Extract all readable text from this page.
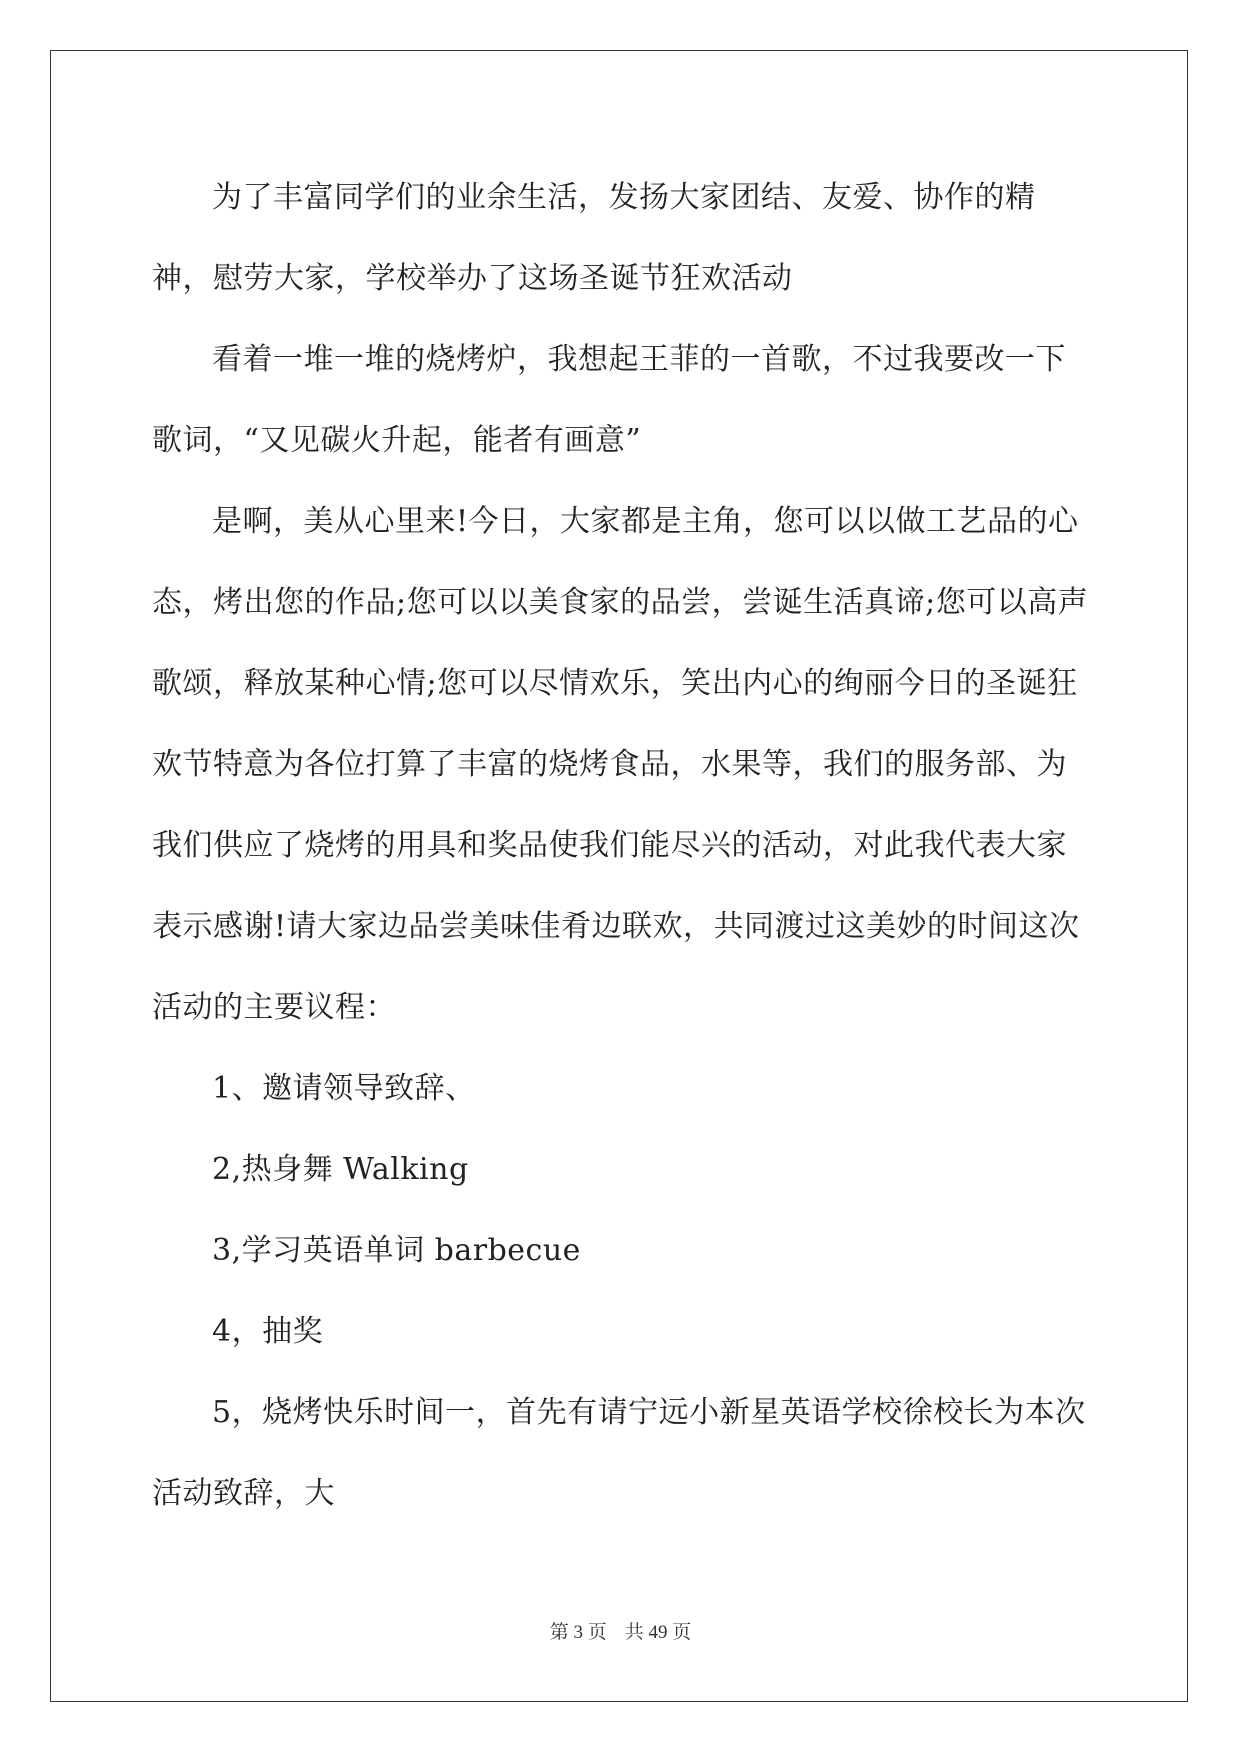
为了丰富同学们的业余生活，发扬大家团结、友爱、协作的精神，慰劳大家，学校举办了这场圣诞节狂欢活动

看着一堆一堆的烧烤炉，我想起王菲的一首歌，不过我要改一下歌词，“又见碳火升起，能者有画意”

是啊，美从心里来!今日，大家都是主角，您可以以做工艺品的心态，烤出您的作品;您可以以美食家的品尝，尝诞生活真谛;您可以高声歌颂，释放某种心情;您可以尽情欢乐，笑出内心的绚丽今日的圣诞狂欢节特意为各位打算了丰富的烧烤食品，水果等，我们的服务部、为我们供应了烧烤的用具和奖品使我们能尽兴的活动，对此我代表大家表示感谢!请大家边品尝美味佳肴边联欢，共同渡过这美妙的时间这次活动的主要议程：

1、邀请领导致辞、

2,热身舞 Walking

3,学习英语单词 barbecue

4，抽奖

5，烧烤快乐时间一，首先有请宁远小新星英语学校徐校长为本次活动致辞，大

第 3 页 共 49 页
